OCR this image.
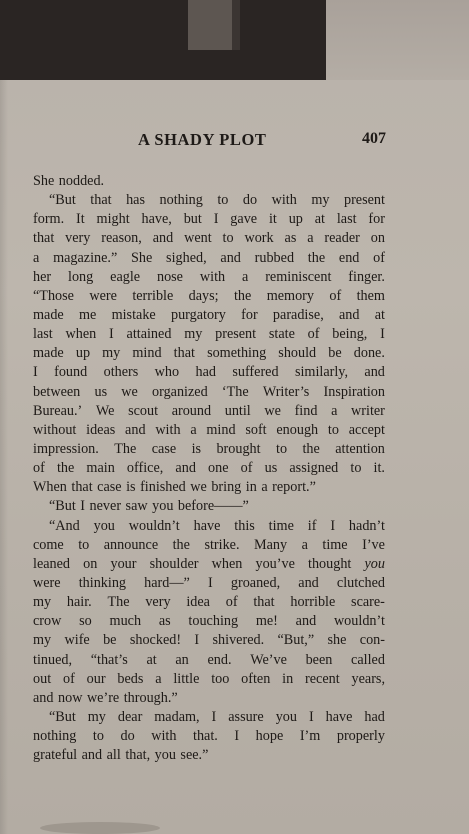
A SHADY PLOT	407
She nodded.
“But that has nothing to do with my present
form. It might have, but I gave it up at last for
that very reason, and went to work as a reader on
a magazine.” She sighed, and rubbed the end of
her long eagle nose with a reminiscent finger.
“Those were terrible days; the memory of them
made me mistake purgatory for paradise, and at
last when I attained my present state of being, I
made up my mind that something should be done.
I found others who had suffered similarly, and
between us we organized ‘The Writer’s Inspiration
Bureau.’ We scout around until we find a writer
without ideas and with a mind soft enough to accept
impression. The case is brought to the attention
of the main office, and one of us assigned to it.
When that case is finished we bring in a report.”
“But I never saw you before——”
“And you wouldn’t have this time if I hadn’t
come to announce the strike. Many a time I’ve
leaned on your shoulder when you’ve thought you
were thinking hard—” I groaned, and clutched
my hair. The very idea of that horrible scare-
crow so much as touching me! and wouldn’t
my wife be shocked! I shivered. “But,” she con-
tinued, “that’s at an end. We’ve been called
out of our beds a little too often in recent years,
and now we’re through.”
“But my dear madam, I assure you I have had
nothing to do with that. I hope I’m properly
grateful and all that, you see.”
